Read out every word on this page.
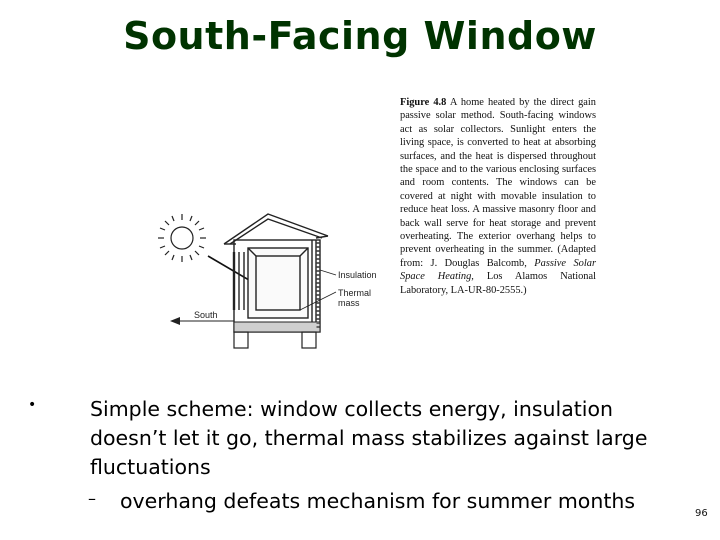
South-Facing Window
Insulation
Thermal
mass
South
Figure 4.8 A home heated by the direct gain passive solar method. South-facing windows act as solar collectors. Sunlight enters the living space, is converted to heat at absorbing surfaces, and the heat is dispersed throughout the space and to the various enclosing surfaces and room contents. The windows can be covered at night with movable insulation to reduce heat loss. A massive masonry floor and back wall serve for heat storage and prevent overheating. The exterior overhang helps to prevent overheating in the summer. (Adapted from: J. Douglas Balcomb, Passive Solar Space Heating, Los Alamos National Laboratory, LA-UR-80-2555.)
•	Simple scheme: window collects energy, insulation doesn’t let it go, thermal mass stabilizes against large fluctuations
– overhang defeats mechanism for summer months
96
